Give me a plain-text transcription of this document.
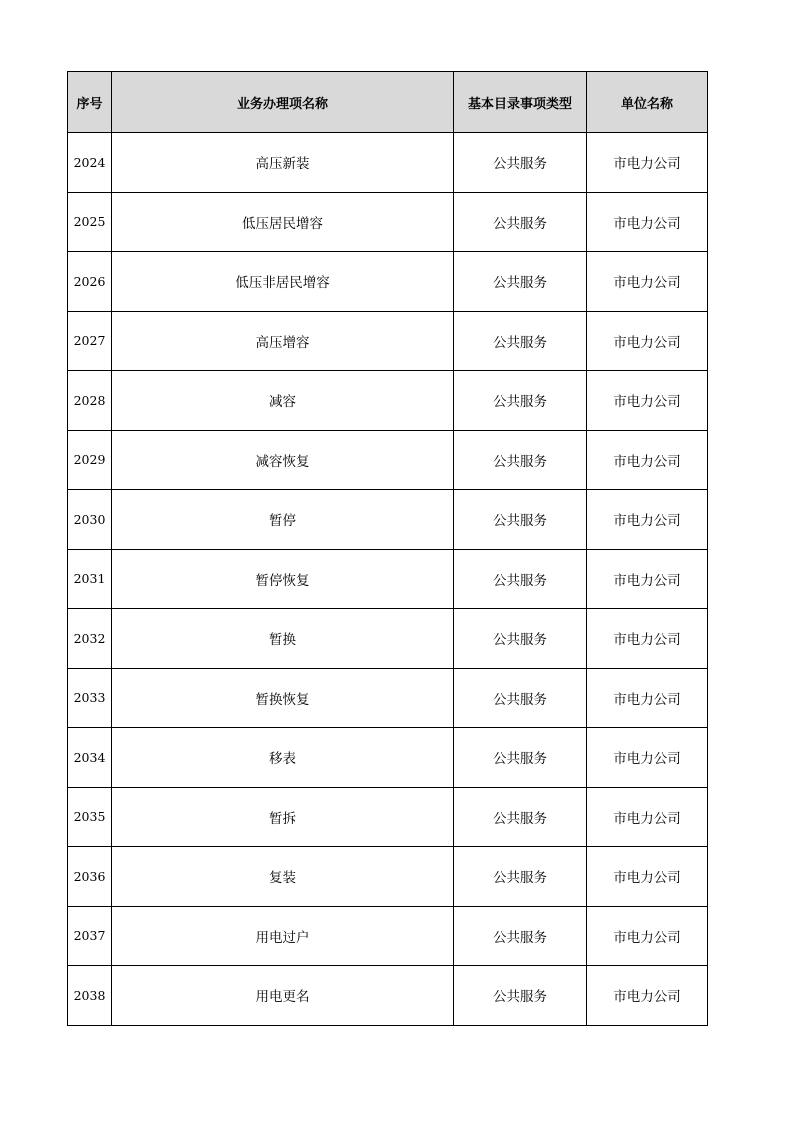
序号	业务办理项名称	基本目录事项类型	单位名称
2024	高压新装	公共服务	市电力公司
2025	低压居民增容	公共服务	市电力公司
2026	低压非居民增容	公共服务	市电力公司
2027	高压增容	公共服务	市电力公司
2028	减容	公共服务	市电力公司
2029	减容恢复	公共服务	市电力公司
2030	暂停	公共服务	市电力公司
2031	暂停恢复	公共服务	市电力公司
2032	暂换	公共服务	市电力公司
2033	暂换恢复	公共服务	市电力公司
2034	移表	公共服务	市电力公司
2035	暂拆	公共服务	市电力公司
2036	复装	公共服务	市电力公司
2037	用电过户	公共服务	市电力公司
2038	用电更名	公共服务	市电力公司
